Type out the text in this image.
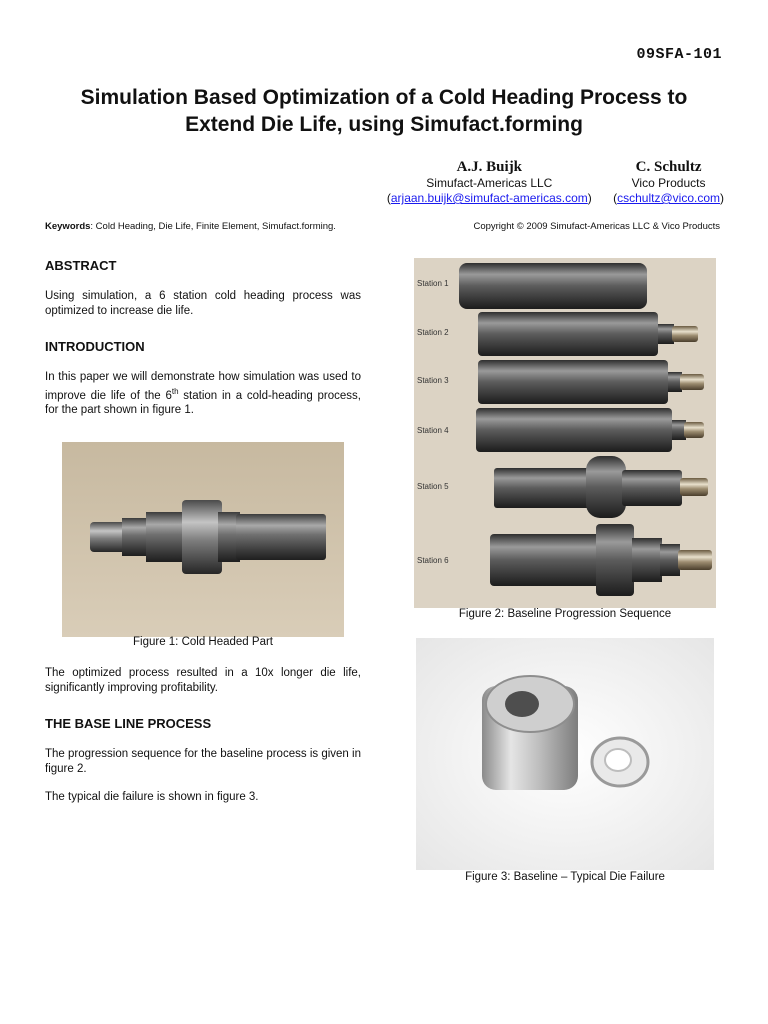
09SFA-101
Simulation Based Optimization of a Cold Heading Process to
Extend Die Life, using Simufact.forming
A.J. Buijk
Simufact-Americas LLC
(arjaan.buijk@simufact-americas.com)

C. Schultz
Vico Products
(cschultz@vico.com)
Keywords: Cold Heading, Die Life, Finite Element, Simufact.forming.	Copyright © 2009 Simufact-Americas LLC & Vico Products
ABSTRACT

Using simulation, a 6 station cold heading process was optimized to increase die life.

INTRODUCTION

In this paper we will demonstrate how simulation was used to improve die life of the 6th station in a cold-heading process, for the part shown in figure 1.

Figure 1: Cold Headed Part

The optimized process resulted in a 10x longer die life, significantly improving profitability.

THE BASE LINE PROCESS

The progression sequence for the baseline process is given in figure 2.

The typical die failure is shown in figure 3.

Station 1
Station 2
Station 3
Station 4
Station 5
Station 6
Figure 2: Baseline Progression Sequence
Figure 3: Baseline – Typical Die Failure
